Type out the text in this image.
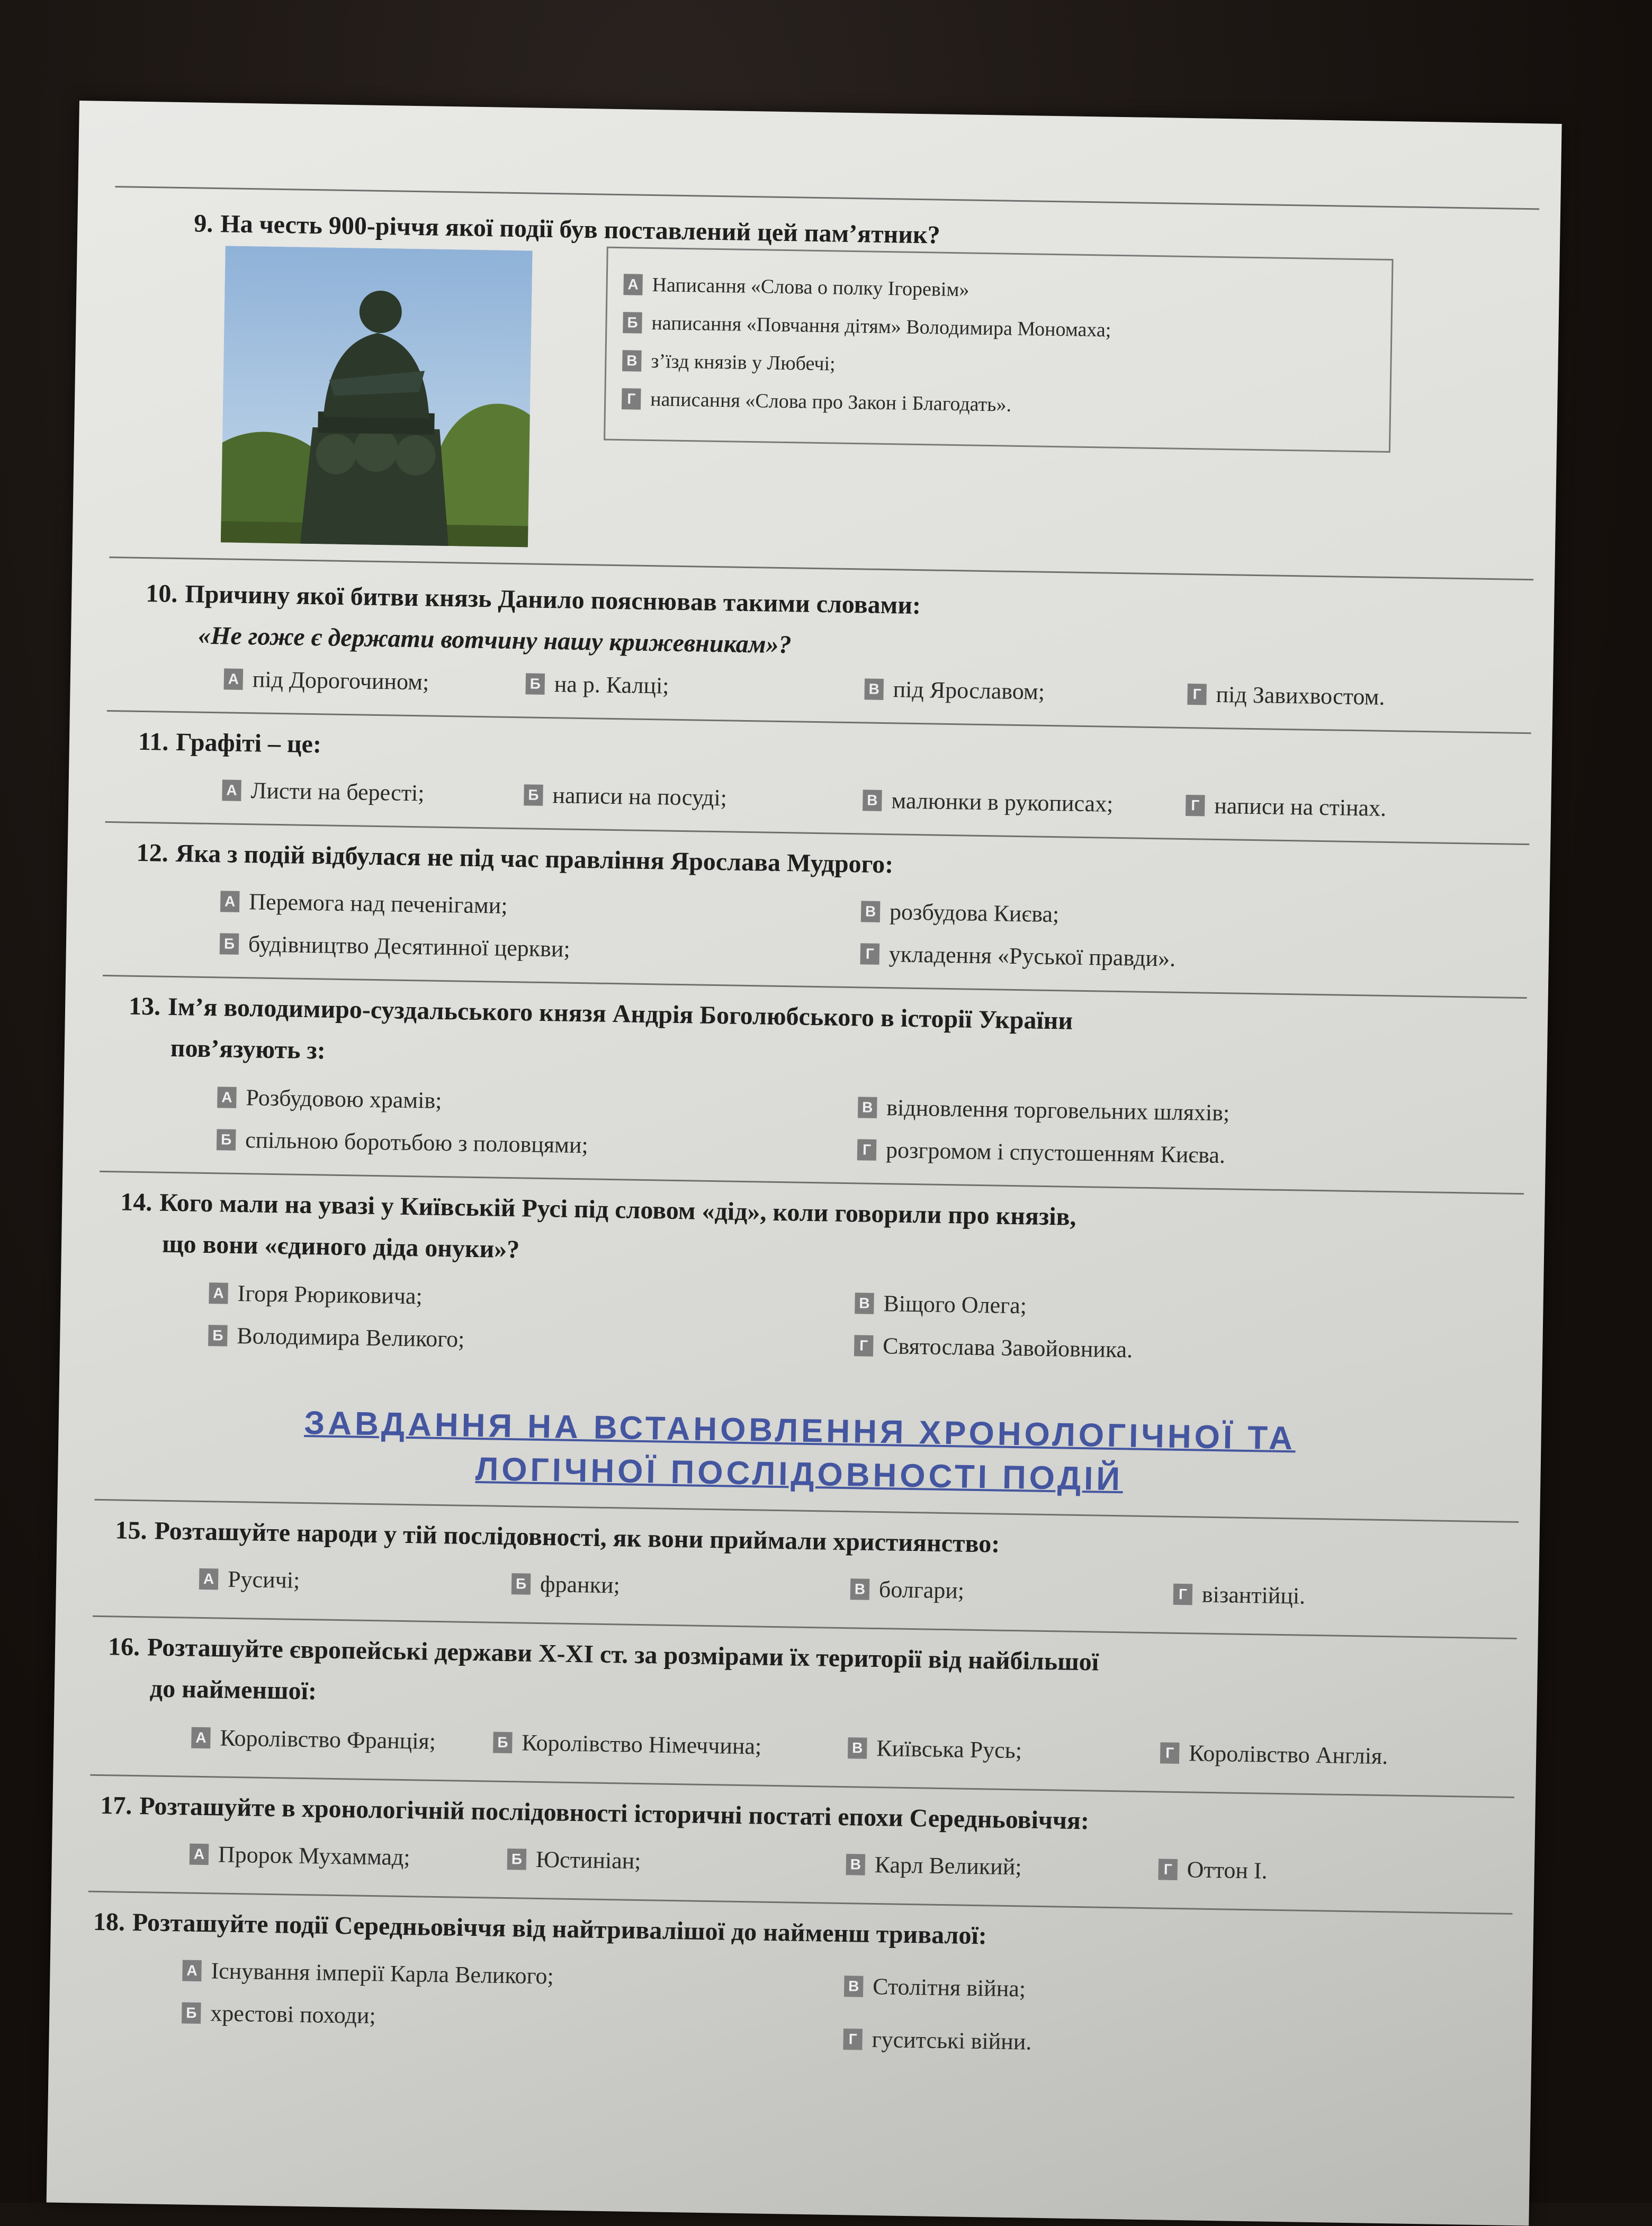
9. На честь 900-річчя якої події був поставлений цей пам’ятник?
А Написання «Слова о полку Ігоревім»
Б написання «Повчання дітям» Володимира Мономаха;
В з’їзд князів у Любечі;
Г написання «Слова про Закон і Благодать».
10. Причину якої битви князь Данило пояснював такими словами:
«Не гоже є держати вотчину нашу крижевникам»?
А під Дорогочином;	Б на р. Калці;	В під Ярославом;	Г під Завихвостом.
11. Графіті – це:
А Листи на бересті;	Б написи на посуді;	В малюнки в рукописах;	Г написи на стінах.
12. Яка з подій відбулася не під час правління Ярослава Мудрого:
А Перемога над печенігами;
Б будівництво Десятинної церкви;
В розбудова Києва;
Г укладення «Руської правди».
13. Ім’я володимиро-суздальського князя Андрія Боголюбського в історії України
пов’язують з:
А Розбудовою храмів;
Б спільною боротьбою з половцями;
В відновлення торговельних шляхів;
Г розгромом і спустошенням Києва.
14. Кого мали на увазі у Київській Русі під словом «дід», коли говорили про князів,
що вони «єдиного діда онуки»?
А Ігоря Рюриковича;
Б Володимира Великого;
В Віщого Олега;
Г Святослава Завойовника.
ЗАВДАННЯ НА ВСТАНОВЛЕННЯ ХРОНОЛОГІЧНОЇ ТА
ЛОГІЧНОЇ ПОСЛІДОВНОСТІ ПОДІЙ
15. Розташуйте народи у тій послідовності, як вони приймали християнство:
А Русичі;	Б франки;	В болгари;	Г візантійці.
16. Розташуйте європейські держави X-XI ст. за розмірами їх території від найбільшої
до найменшої:
А Королівство Франція;	Б Королівство Німеччина;	В Київська Русь;	Г Королівство Англія.
17. Розташуйте в хронологічній послідовності історичні постаті епохи Середньовіччя:
А Пророк Мухаммад;	Б Юстиніан;	В Карл Великий;	Г Оттон І.
18. Розташуйте події Середньовіччя від найтривалішої до найменш тривалої:
А Існування імперії Карла Великого;
Б хрестові походи;
В Столітня війна;
Г гуситські війни.
